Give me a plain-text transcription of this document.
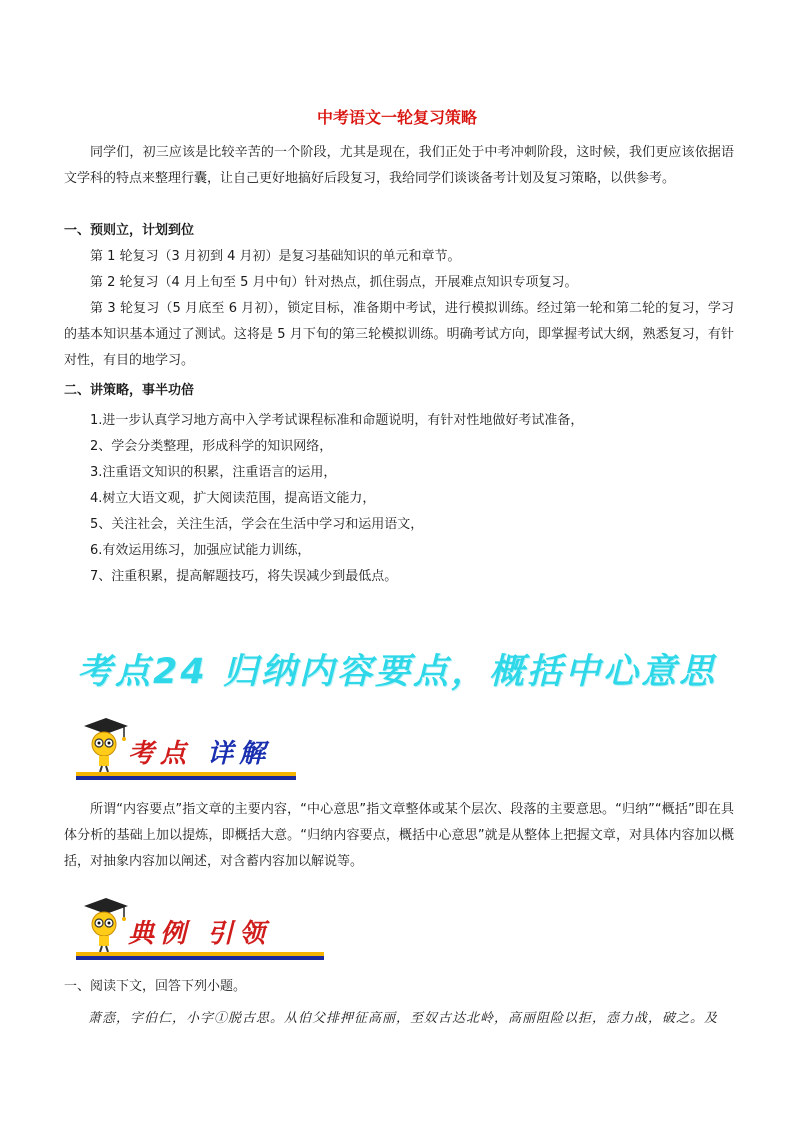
中考语文一轮复习策略

同学们，初三应该是比较辛苦的一个阶段，尤其是现在，我们正处于中考冲刺阶段，这时候，我们更应该依据语文学科的特点来整理行囊，让自己更好地搞好后段复习，我给同学们谈谈备考计划及复习策略，以供参考。

一、预则立，计划到位

第 1 轮复习（3 月初到 4 月初）是复习基础知识的单元和章节。

第 2 轮复习（4 月上旬至 5 月中旬）针对热点，抓住弱点，开展难点知识专项复习。

第 3 轮复习（5 月底至 6 月初），锁定目标，准备期中考试，进行模拟训练。经过第一轮和第二轮的复习，学习的基本知识基本通过了测试。这将是 5 月下旬的第三轮模拟训练。明确考试方向，即掌握考试大纲，熟悉复习，有针对性，有目的地学习。

二、讲策略，事半功倍

1.进一步认真学习地方高中入学考试课程标准和命题说明，有针对性地做好考试准备，

2、学会分类整理，形成科学的知识网络，

3.注重语文知识的积累，注重语言的运用，

4.树立大语文观，扩大阅读范围，提高语文能力，

5、关注社会，关注生活，学会在生活中学习和运用语文，

6.有效运用练习，加强应试能力训练，

7、注重积累，提高解题技巧，将失误减少到最低点。

考点24 归纳内容要点，概括中心意思
考点 详解

所谓“内容要点”指文章的主要内容，“中心意思”指文章整体或某个层次、段落的主要意思。“归纳”“概括”即在具体分析的基础上加以提炼，即概括大意。“归纳内容要点，概括中心意思”就是从整体上把握文章，对具体内容加以概括，对抽象内容加以阐述，对含蓄内容加以解说等。

典例 引领

一、阅读下文，回答下列小题。

萧悫，字伯仁，小字①脱古思。从伯父排押征高丽，至奴古达北岭，高丽阻险以拒，悫力战，破之。及
